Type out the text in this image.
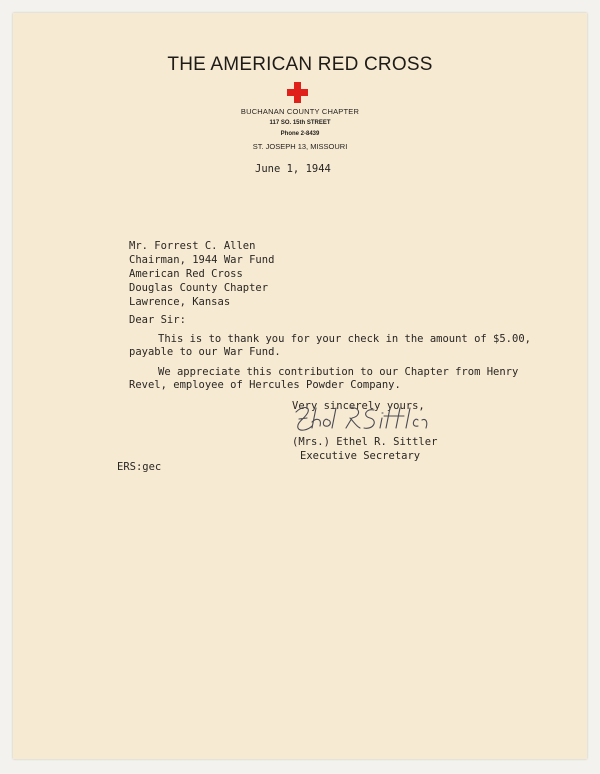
THE AMERICAN RED CROSS
BUCHANAN COUNTY CHAPTER
117 SO. 15th STREET
Phone 2-8439
ST. JOSEPH 13, MISSOURI

June 1, 1944

Mr. Forrest C. Allen

Chairman, 1944 War Fund

American Red Cross

Douglas County Chapter

Lawrence, Kansas

Dear Sir:

This is to thank you for your check in the amount of $5.00,

payable to our War Fund.

We appreciate this contribution to our Chapter from Henry

Revel, employee of Hercules Powder Company.

Very sincerely yours,

(Mrs.) Ethel R. Sittler

Executive Secretary

ERS:gec
